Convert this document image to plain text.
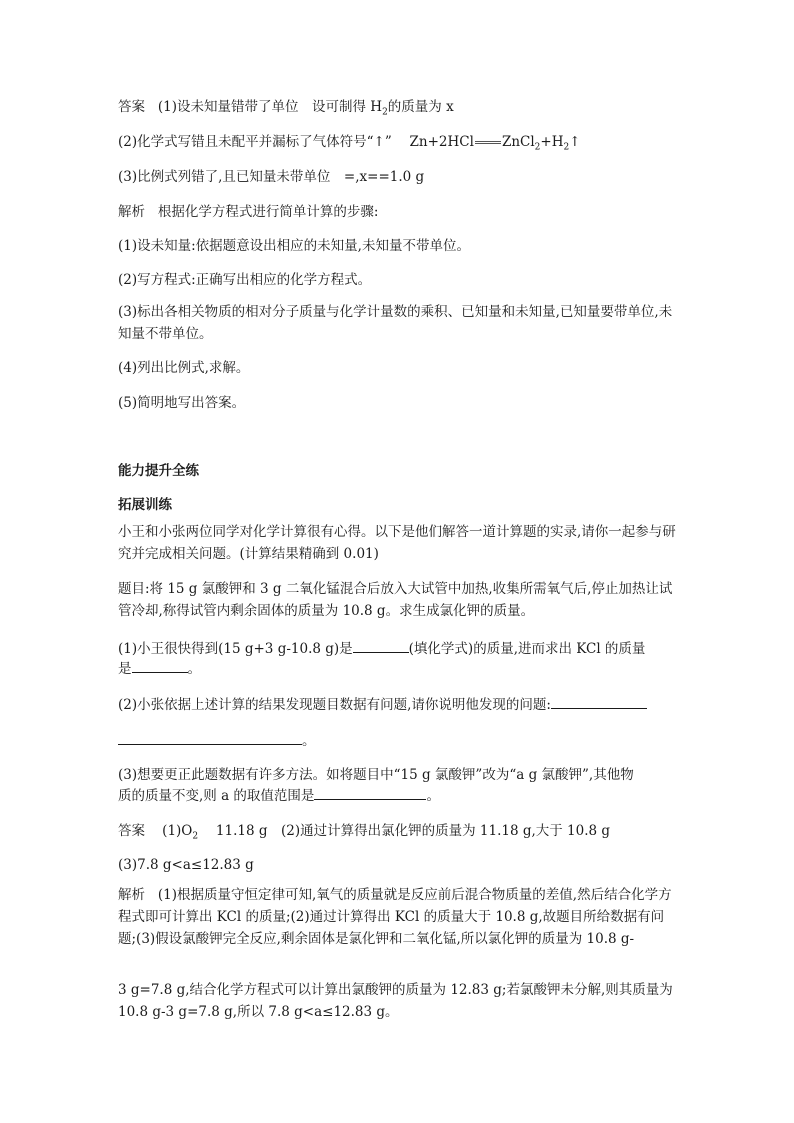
答案 (1)设未知量错带了单位　设可制得 $H_2$的质量为 x
(2)化学式写错且未配平并漏标了气体符号“↑”　 Zn+2HCl $ZnCl_2+H_2↑$
(3)比例式列错了,且已知量未带单位　=,x==1.0 g
解析 根据化学方程式进行简单计算的步骤:
(1)设未知量:依据题意设出相应的未知量,未知量不带单位。
(2)写方程式:正确写出相应的化学方程式。
(3)标出各相关物质的相对分子质量与化学计量数的乘积、已知量和未知量,已知量要带单位,未知量不带单位。
(4)列出比例式,求解。
(5)简明地写出答案。
能力提升全练
拓展训练
小王和小张两位同学对化学计算很有心得。以下是他们解答一道计算题的实录,请你一起参与研究并完成相关问题。(计算结果精确到 0.01)
题目:将 15 g 氯酸钾和 3 g 二氧化锰混合后放入大试管中加热,收集所需氧气后,停止加热让试管冷却,称得试管内剩余固体的质量为 10.8 g。求生成氯化钾的质量。
(1)小王很快得到(15 g+3 g-10.8 g)是	(填化学式)的质量,进而求出 KCl 的质量
是	。
(2)小张依据上述计算的结果发现题目数据有问题,请你说明他发现的问题:
。
(3)想要更正此题数据有许多方法。如将题目中“15 g 氯酸钾”改为“a g 氯酸钾”,其他物
质的质量不变,则 a 的取值范围是	。
答案 $(1)O_2$　 11.18 g　(2)通过计算得出氯化钾的质量为 11.18 g,大于 10.8 g
(3)7.8 g<a≤12.83 g
解析 (1)根据质量守恒定律可知,氧气的质量就是反应前后混合物质量的差值,然后结合化学方程式即可计算出 KCl 的质量;(2)通过计算得出 KCl 的质量大于 10.8 g,故题目所给数据有问题;(3)假设氯酸钾完全反应,剩余固体是氯化钾和二氧化锰,所以氯化钾的质量为 10.8 g-
3 g=7.8 g,结合化学方程式可以计算出氯酸钾的质量为 12.83 g;若氯酸钾未分解,则其质量为 10.8 g-3 g=7.8 g,所以 7.8 g<a≤12.83 g。
